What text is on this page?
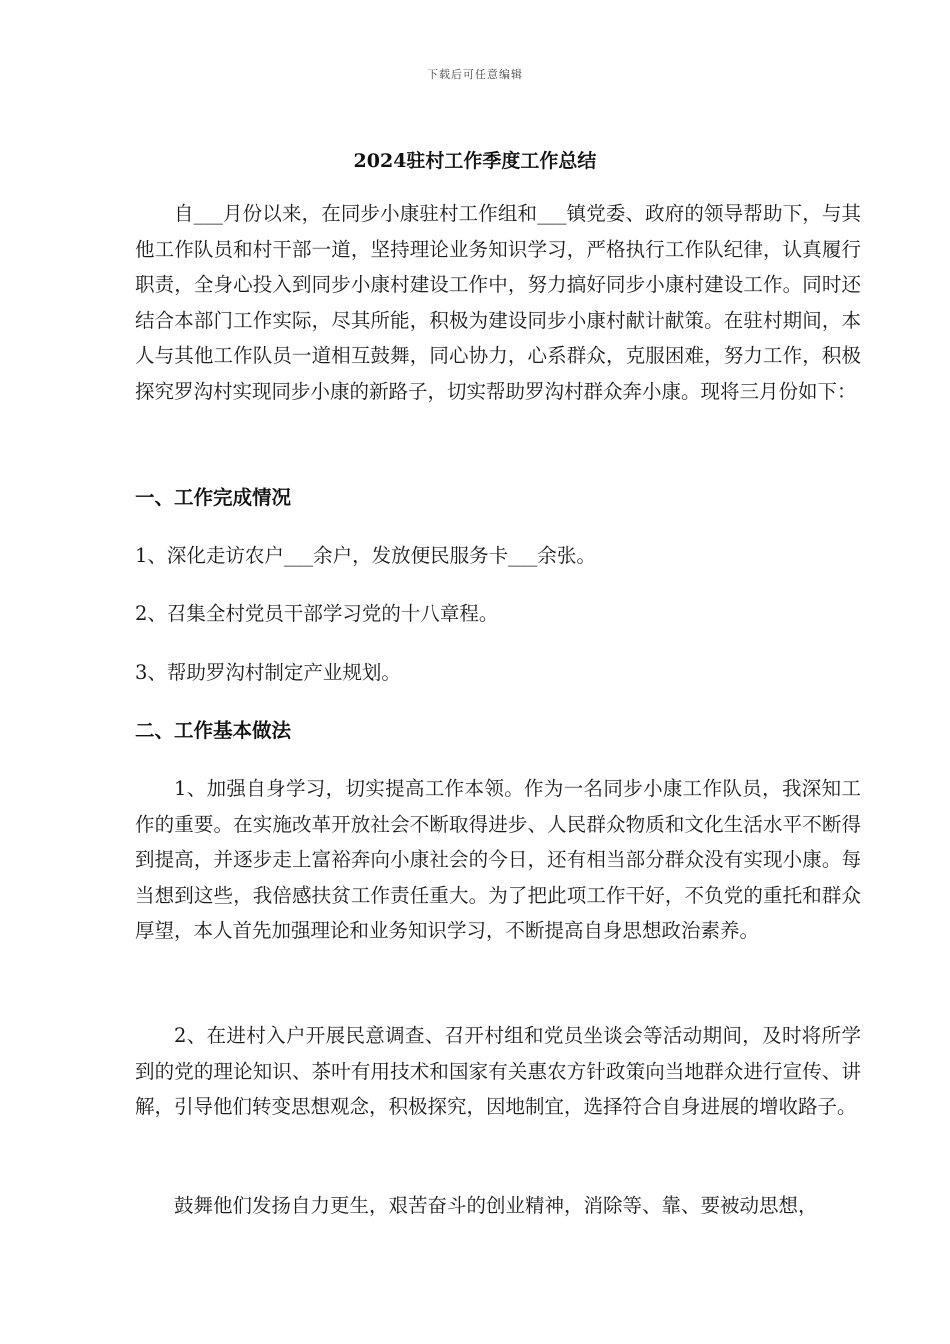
下载后可任意编辑
2024驻村工作季度工作总结

自___月份以来，在同步小康驻村工作组和___镇党委、政府的领导帮助下，与其他工作队员和村干部一道，坚持理论业务知识学习，严格执行工作队纪律，认真履行职责，全身心投入到同步小康村建设工作中，努力搞好同步小康村建设工作。同时还结合本部门工作实际，尽其所能，积极为建设同步小康村献计献策。在驻村期间，本人与其他工作队员一道相互鼓舞，同心协力，心系群众，克服困难，努力工作，积极探究罗沟村实现同步小康的新路子，切实帮助罗沟村群众奔小康。现将三月份如下：

一、工作完成情况
1、深化走访农户___余户，发放便民服务卡___余张。
2、召集全村党员干部学习党的十八章程。
3、帮助罗沟村制定产业规划。
二、工作基本做法

1、加强自身学习，切实提高工作本领。作为一名同步小康工作队员，我深知工作的重要。在实施改革开放社会不断取得进步、人民群众物质和文化生活水平不断得到提高，并逐步走上富裕奔向小康社会的今日，还有相当部分群众没有实现小康。每当想到这些，我倍感扶贫工作责任重大。为了把此项工作干好，不负党的重托和群众厚望，本人首先加强理论和业务知识学习，不断提高自身思想政治素养。

2、在进村入户开展民意调查、召开村组和党员坐谈会等活动期间，及时将所学到的党的理论知识、茶叶有用技术和国家有关惠农方针政策向当地群众进行宣传、讲解，引导他们转变思想观念，积极探究，因地制宜，选择符合自身进展的增收路子。

鼓舞他们发扬自力更生，艰苦奋斗的创业精神，消除等、靠、要被动思想，
